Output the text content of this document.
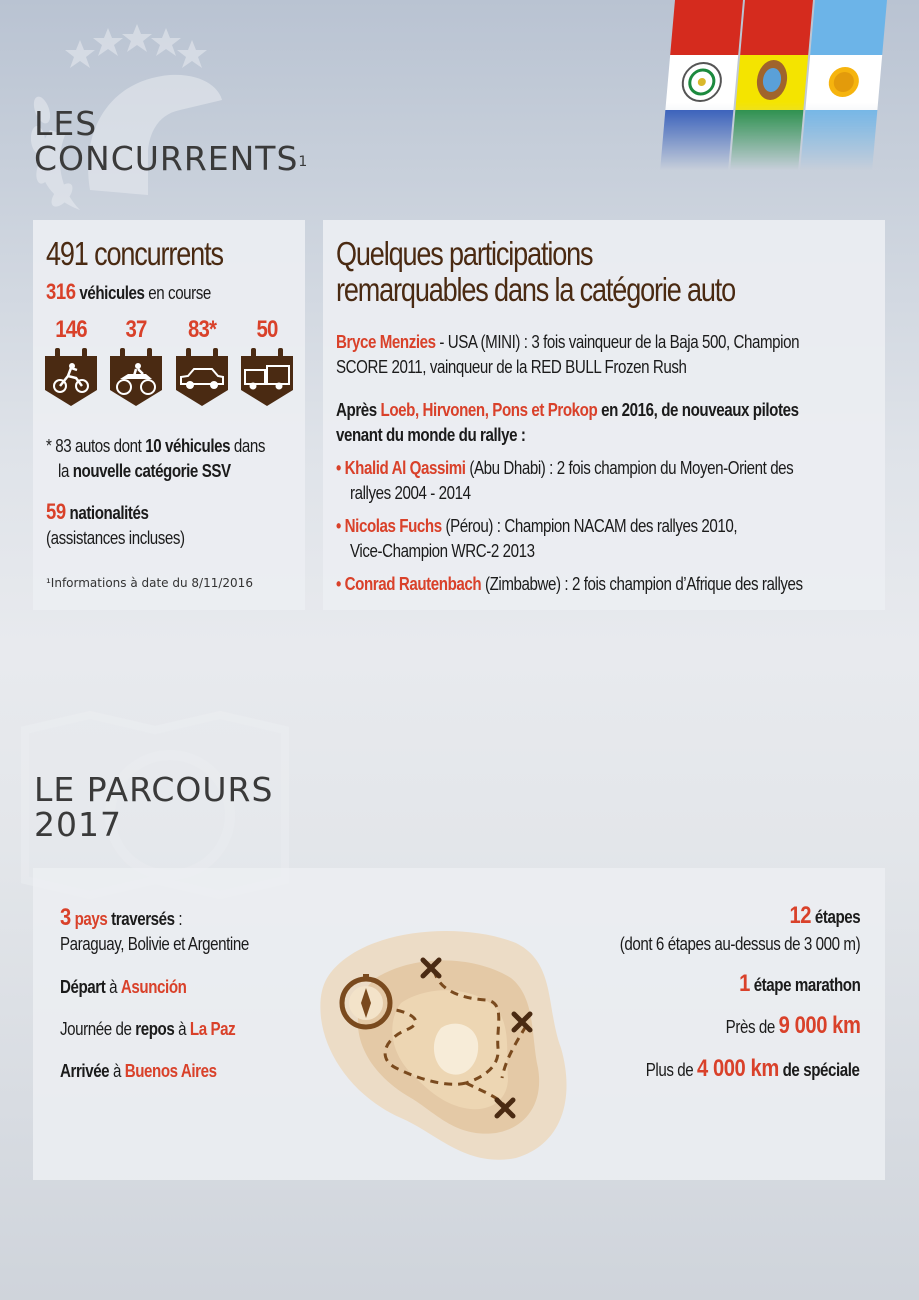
LES
CONCURRENTS$^1$
491 concurrents
316 véhicules en course
146	37	83*	50
* 83 autos dont 10 véhicules dans
la nouvelle catégorie SSV
59 nationalités
(assistances incluses)
¹Informations à date du 8/11/2016
Quelques participations
remarquables dans la catégorie auto
Bryce Menzies - USA (MINI) : 3 fois vainqueur de la Baja 500, Champion
SCORE 2011, vainqueur de la RED BULL Frozen Rush
Après Loeb, Hirvonen, Pons et Prokop en 2016, de nouveaux pilotes
venant du monde du rallye :
• Khalid Al Qassimi (Abu Dhabi) : 2 fois champion du Moyen-Orient des
rallyes 2004 - 2014
• Nicolas Fuchs (Pérou) : Champion NACAM des rallyes 2010,
Vice-Champion WRC-2 2013
• Conrad Rautenbach (Zimbabwe) : 2 fois champion d’Afrique des rallyes
N
LE PARCOURS
2017
3 pays traversés :
Paraguay, Bolivie et Argentine
Départ à Asunción
Journée de repos à La Paz
Arrivée à Buenos Aires
12 étapes
(dont 6 étapes au-dessus de 3 000 m)
1 étape marathon
Près de 9 000 km
Plus de 4 000 km de spéciale
